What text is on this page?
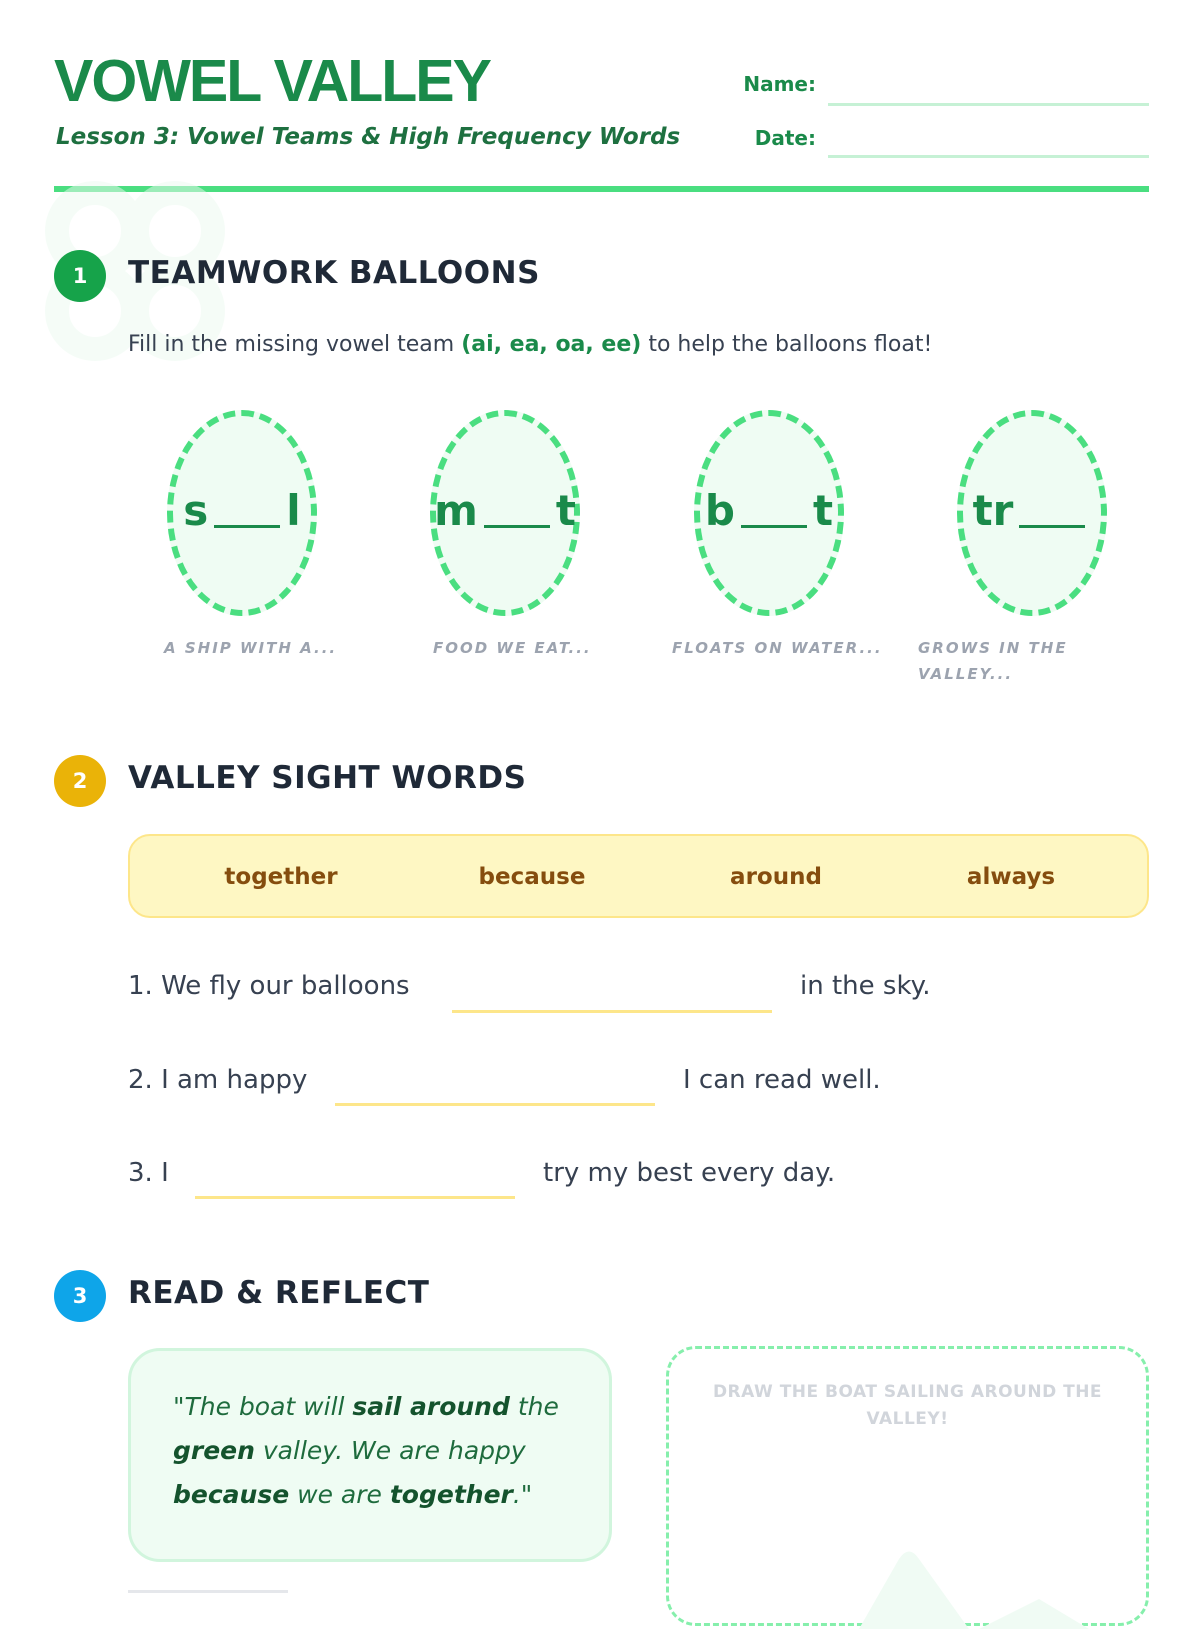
VOWEL VALLEY
Lesson 3: Vowel Teams & High Frequency Words
Name:
Date:
1	TEAMWORK BALLOONS
Fill in the missing vowel team (ai, ea, oa, ee) to help the balloons float!
s l
A SHIP WITH A...
m t
FOOD WE EAT...
b t
FLOATS ON WATER...
tr
GROWS IN THE VALLEY...
2	VALLEY SIGHT WORDS
together	because	around	always
1. We fly our balloons	in the sky.
2. I am happy	I can read well.
3. I	try my best every day.
3	READ & REFLECT
"The boat will sail around the green valley. We are happy because we are together."
DRAW THE BOAT SAILING AROUND THE VALLEY!
